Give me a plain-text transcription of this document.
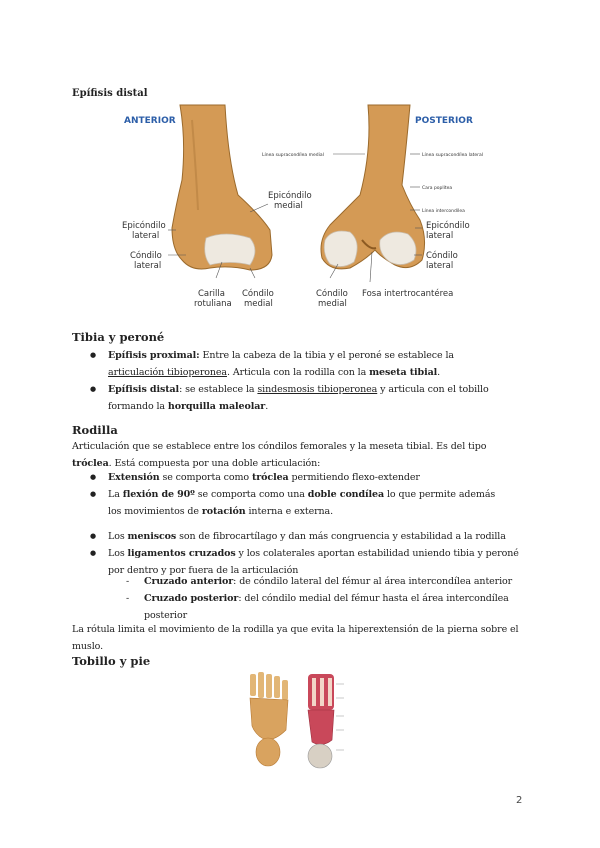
Epífisis distal
ANTERIOR	POSTERIOR
Epicóndilo
medial
Epicóndilo
lateral
Cóndilo
lateral
Carilla
rotuliana
Cóndilo
medial
Cóndilo
medial
Fosa intertrocantérea
Epicóndilo
lateral
Cóndilo
lateral
Línea supracondílea medial	Línea supracondílea lateral
Cara poplítea
Línea intercondílea
Tibia y peroné
● Epífisis proximal: Entre la cabeza de la tibia y el peroné se establece la articulación tibioperonea. Articula con la rodilla con la meseta tibial.
● Epífisis distal: se establece la sindesmosis tibioperonea y articula con el tobillo formando la horquilla maleolar.
Rodilla
Articulación que se establece entre los cóndilos femorales y la meseta tibial. Es del tipo tróclea. Está compuesta por una doble articulación:
● Extensión se comporta como tróclea permitiendo flexo-extender
● La flexión de 90º se comporta como una doble condílea lo que permite además los movimientos de rotación interna e externa.
● Los meniscos son de fibrocartílago y dan más congruencia y estabilidad a la rodilla
● Los ligamentos cruzados y los colaterales aportan estabilidad uniendo tibia y peroné por dentro y por fuera de la articulación
- Cruzado anterior: de cóndilo lateral del fémur al área intercondílea anterior
- Cruzado posterior: del cóndilo medial del fémur hasta el área intercondílea posterior
La rótula limita el movimiento de la rodilla ya que evita la hiperextensión de la pierna sobre el muslo.
Tobillo y pie
2
